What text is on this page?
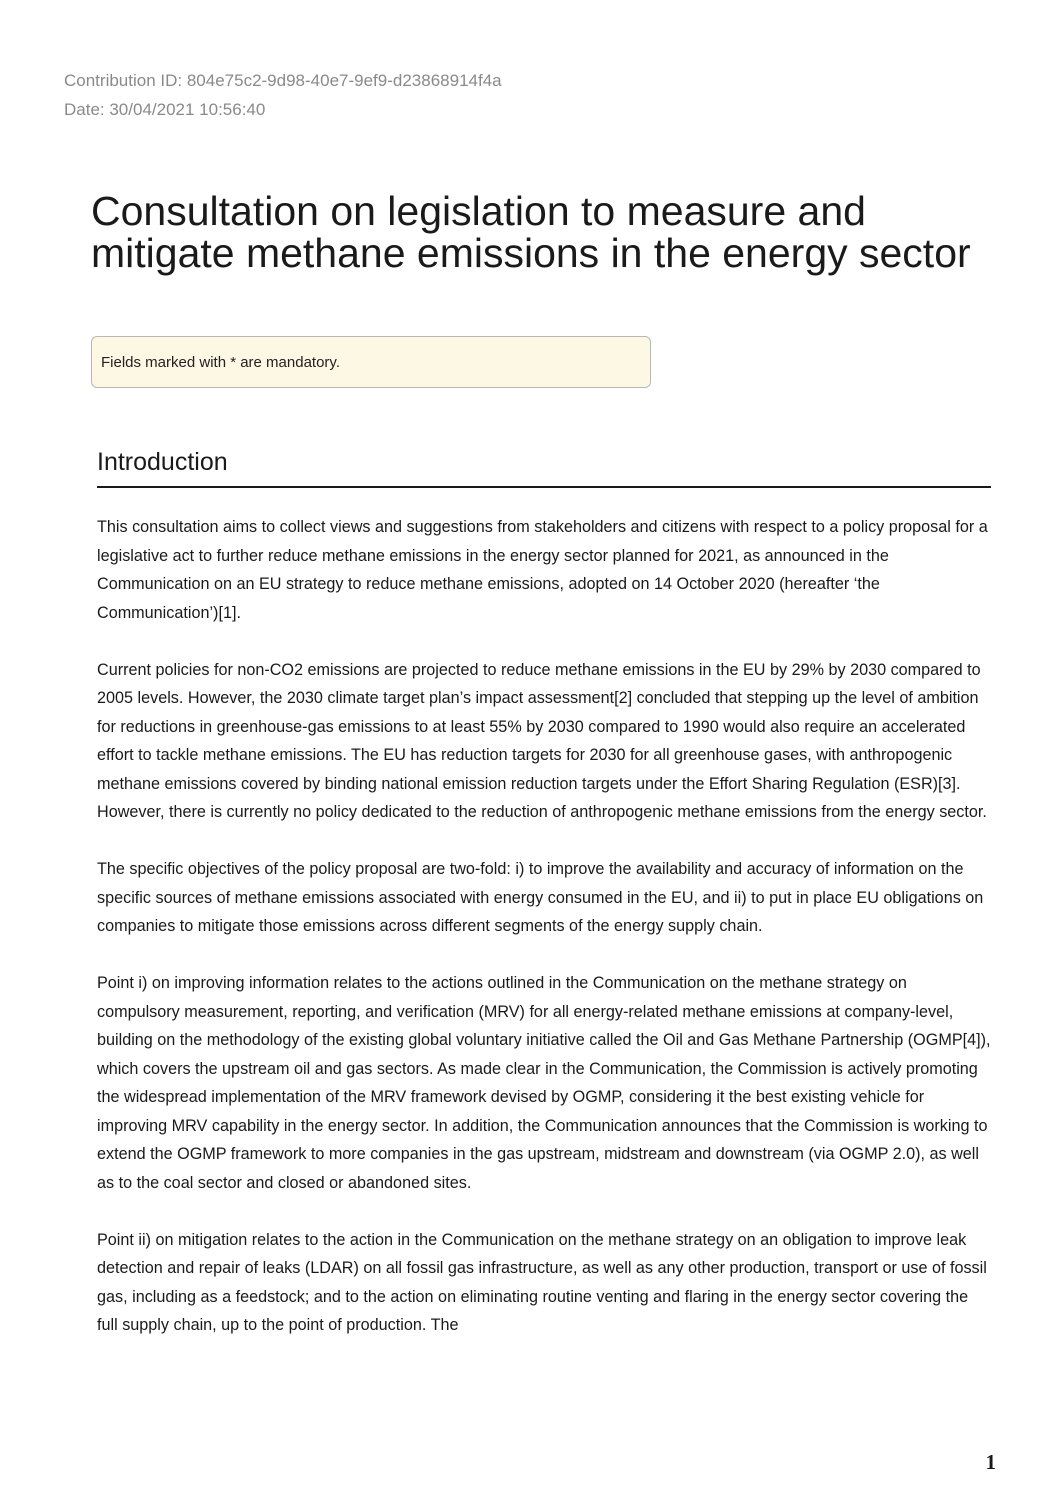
Contribution ID: 804e75c2-9d98-40e7-9ef9-d23868914f4a
Date: 30/04/2021 10:56:40
Consultation on legislation to measure and mitigate methane emissions in the energy sector
Fields marked with * are mandatory.
Introduction

This consultation aims to collect views and suggestions from stakeholders and citizens with respect to a policy proposal for a legislative act to further reduce methane emissions in the energy sector planned for 2021, as announced in the Communication on an EU strategy to reduce methane emissions, adopted on 14 October 2020 (hereafter ‘the Communication’)[1].

Current policies for non-CO2 emissions are projected to reduce methane emissions in the EU by 29% by 2030 compared to 2005 levels. However, the 2030 climate target plan’s impact assessment[2] concluded that stepping up the level of ambition for reductions in greenhouse-gas emissions to at least 55% by 2030 compared to 1990 would also require an accelerated effort to tackle methane emissions. The EU has reduction targets for 2030 for all greenhouse gases, with anthropogenic methane emissions covered by binding national emission reduction targets under the Effort Sharing Regulation (ESR)[3]. However, there is currently no policy dedicated to the reduction of anthropogenic methane emissions from the energy sector.

The specific objectives of the policy proposal are two-fold: i) to improve the availability and accuracy of information on the specific sources of methane emissions associated with energy consumed in the EU, and ii) to put in place EU obligations on companies to mitigate those emissions across different segments of the energy supply chain.

Point i) on improving information relates to the actions outlined in the Communication on the methane strategy on compulsory measurement, reporting, and verification (MRV) for all energy-related methane emissions at company-level, building on the methodology of the existing global voluntary initiative called the Oil and Gas Methane Partnership (OGMP[4]), which covers the upstream oil and gas sectors. As made clear in the Communication, the Commission is actively promoting the widespread implementation of the MRV framework devised by OGMP, considering it the best existing vehicle for improving MRV capability in the energy sector. In addition, the Communication announces that the Commission is working to extend the OGMP framework to more companies in the gas upstream, midstream and downstream (via OGMP 2.0), as well as to the coal sector and closed or abandoned sites.

Point ii) on mitigation relates to the action in the Communication on the methane strategy on an obligation to improve leak detection and repair of leaks (LDAR) on all fossil gas infrastructure, as well as any other production, transport or use of fossil gas, including as a feedstock; and to the action on eliminating routine venting and flaring in the energy sector covering the full supply chain, up to the point of production. The

1
